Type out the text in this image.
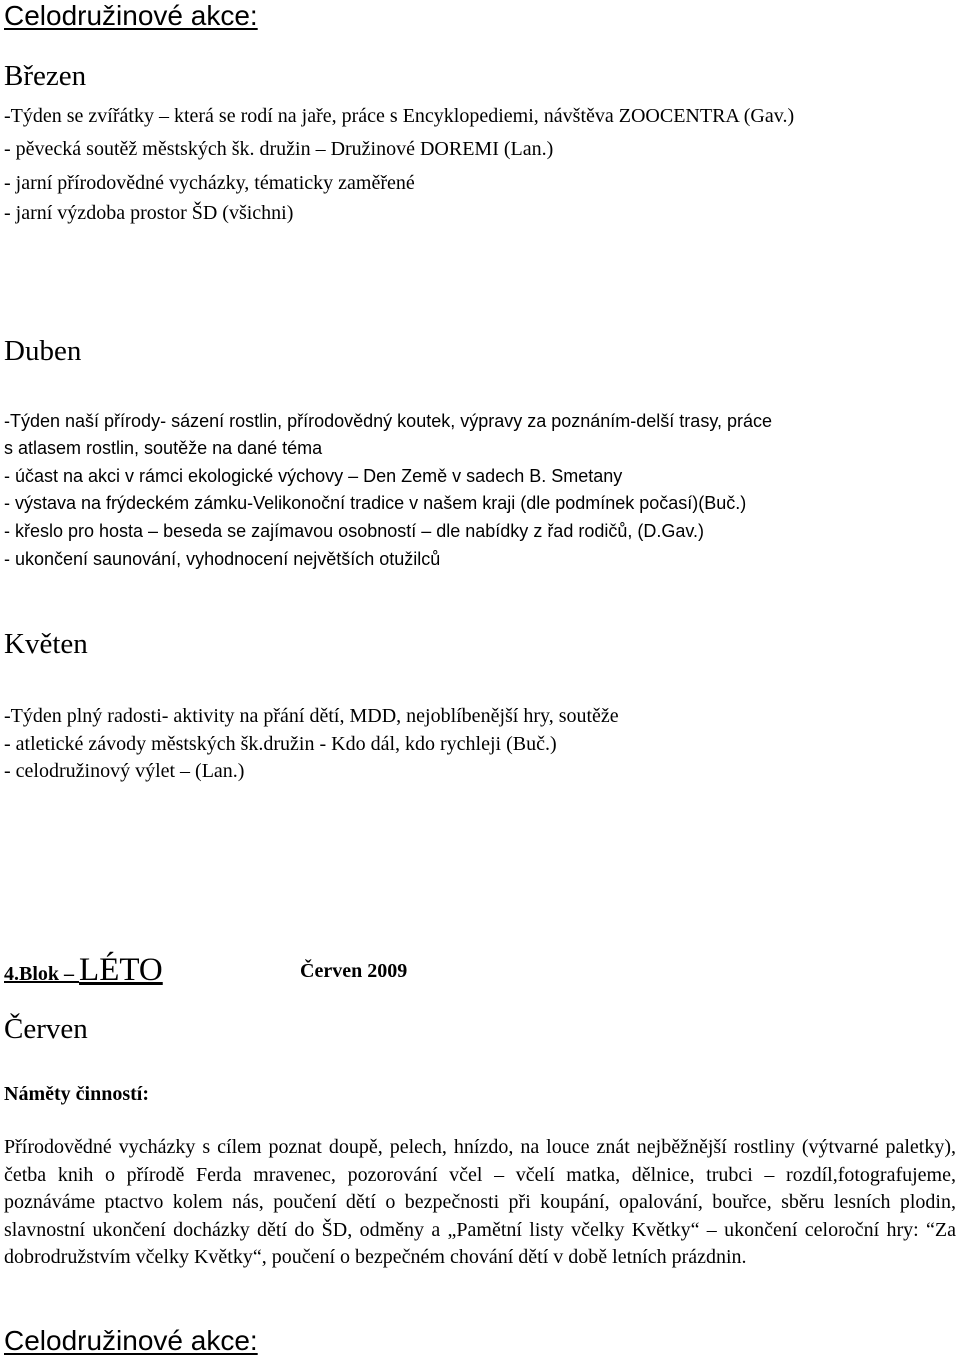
Celodružinové akce:
Březen
-Týden se zvířátky – která se rodí na jaře, práce s Encyklopediemi, návštěva ZOOCENTRA (Gav.)
- pěvecká soutěž městských šk. družin – Družinové DOREMI (Lan.)
- jarní přírodovědné vycházky, tématicky zaměřené
- jarní výzdoba prostor ŠD (všichni)
Duben
-Týden naší přírody- sázení rostlin, přírodovědný koutek, výpravy za poznáním-delší trasy, práce
s atlasem rostlin, soutěže na dané téma
- účast na akci v rámci ekologické výchovy – Den Země v sadech B. Smetany
- výstava na frýdeckém zámku-Velikonoční tradice v našem kraji (dle podmínek počasí)(Buč.)
- křeslo pro hosta – beseda se zajímavou osobností – dle nabídky z řad rodičů, (D.Gav.)
- ukončení saunování, vyhodnocení největších otužilců
Květen
-Týden plný radosti- aktivity na přání dětí, MDD, nejoblíbenější hry, soutěže
- atletické závody městských šk.družin - Kdo dál, kdo rychleji (Buč.)
- celodružinový výlet – (Lan.)
4.Blok – LÉTO	Červen 2009
Červen
Náměty činností:
Přírodovědné vycházky s cílem poznat doupě, pelech, hnízdo, na louce znát nejběžnější rostliny (výtvarné paletky), četba knih o přírodě Ferda mravenec, pozorování včel – včelí matka, dělnice, trubci – rozdíl,fotografujeme, poznáváme ptactvo kolem nás, poučení dětí o bezpečnosti při koupání, opalování, bouřce, sběru lesních plodin, slavnostní ukončení docházky dětí do ŠD, odměny a „Pamětní listy včelky Květky“ – ukončení celoroční hry: “Za dobrodružstvím včelky Květky“, poučení o bezpečném chování dětí v době letních prázdnin.
Celodružinové akce:
